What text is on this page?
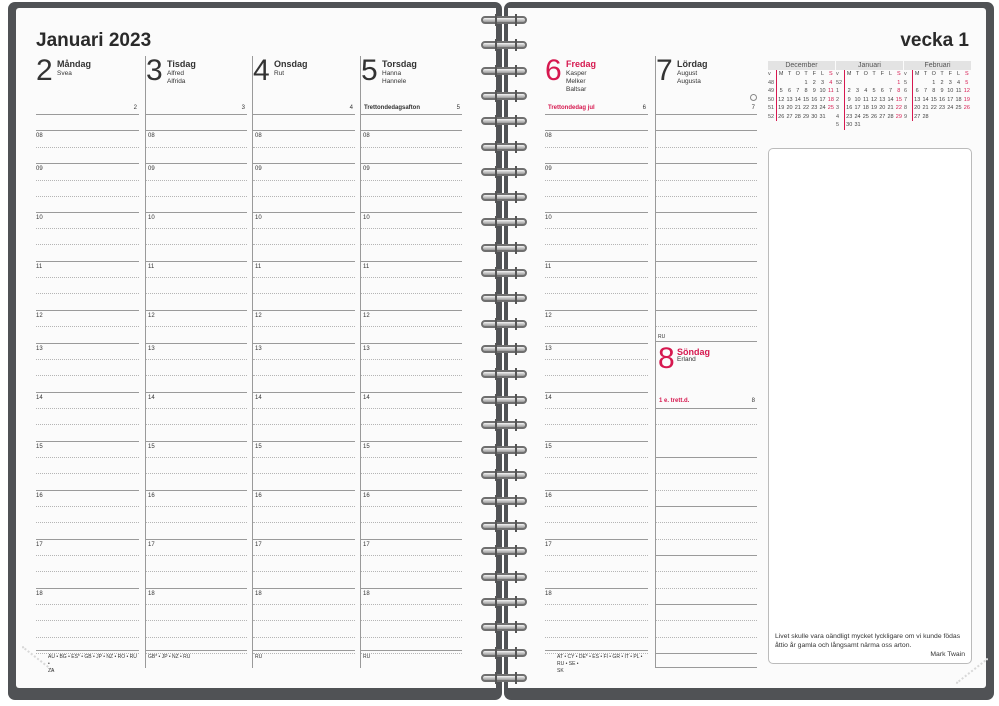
Januari 2023	vecka 1
2 Måndag
Svea
2
08
09
10
11
12
13
14
15
16
17
18
AU • BG • ES* • GB • JP • NZ • RO • RU •
ZA
3 Tisdag
Alfred
Alfrida
3
08
09
10
11
12
13
14
15
16
17
18
GB* • JP • NZ • RU
4 Onsdag
Rut
4
08
09
10
11
12
13
14
15
16
17
18
RU
5 Torsdag
Hanna
Hannele
5
Trettondedagsafton
08
09
10
11
12
13
14
15
16
17
18
RU
6 Fredag
Kasper
Melker
Baltsar
6
Trettondedag jul
08
09
10
11
12
13
14
15
16
17
18
AT • CY • DE* • ES • FI • GR • IT • PL • RU • SE •
SK
7 Lördag
August
Augusta
7
RU
8 Söndag
Erland
1 e. trett.d.	8
December
v	M	T	O	T	F	L	S
48				1	2	3	4
49	5	6	7	8	9	10	11
50	12	13	14	15	16	17	18
51	19	20	21	22	23	24	25
52	26	27	28	29	30	31	
Januari
v	M	T	O	T	F	L	S
52							1
1	2	3	4	5	6	7	8
2	9	10	11	12	13	14	15
3	16	17	18	19	20	21	22
4	23	24	25	26	27	28	29
5	30	31					
Februari
v	M	T	O	T	F	L	S
5			1	2	3	4	5
6	6	7	8	9	10	11	12
7	13	14	15	16	17	18	19
8	20	21	22	23	24	25	26
9	27	28					
Livet skulle vara oändligt mycket lyckligare om vi kunde födas åttio år gamla och långsamt närma oss arton.
Mark Twain
